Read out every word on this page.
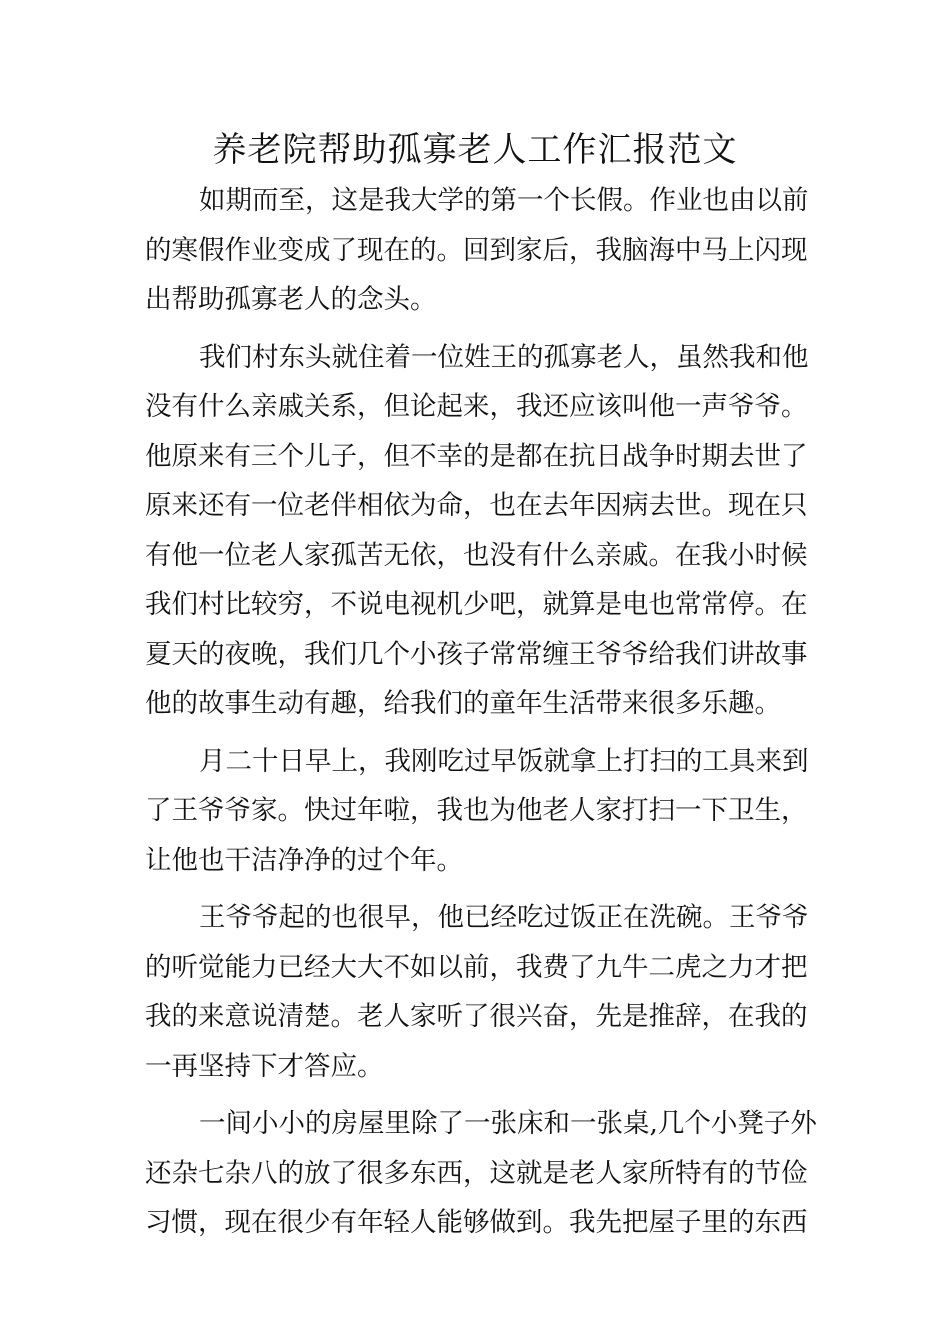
养老院帮助孤寡老人工作汇报范文
如期而至，这是我大学的第一个长假。作业也由以前
的寒假作业变成了现在的。回到家后，我脑海中马上闪现
出帮助孤寡老人的念头。
我们村东头就住着一位姓王的孤寡老人，虽然我和他
没有什么亲戚关系，但论起来，我还应该叫他一声爷爷。
他原来有三个儿子，但不幸的是都在抗日战争时期去世了
原来还有一位老伴相依为命，也在去年因病去世。现在只
有他一位老人家孤苦无依，也没有什么亲戚。在我小时候
我们村比较穷，不说电视机少吧，就算是电也常常停。在
夏天的夜晚，我们几个小孩子常常缠王爷爷给我们讲故事
他的故事生动有趣，给我们的童年生活带来很多乐趣。
月二十日早上，我刚吃过早饭就拿上打扫的工具来到
了王爷爷家。快过年啦，我也为他老人家打扫一下卫生，
让他也干洁净净的过个年。
王爷爷起的也很早，他已经吃过饭正在洗碗。王爷爷
的听觉能力已经大大不如以前，我费了九牛二虎之力才把
我的来意说清楚。老人家听了很兴奋，先是推辞，在我的
一再坚持下才答应。
一间小小的房屋里除了一张床和一张桌,几个小凳子外
还杂七杂八的放了很多东西，这就是老人家所特有的节俭
习惯，现在很少有年轻人能够做到。我先把屋子里的东西
